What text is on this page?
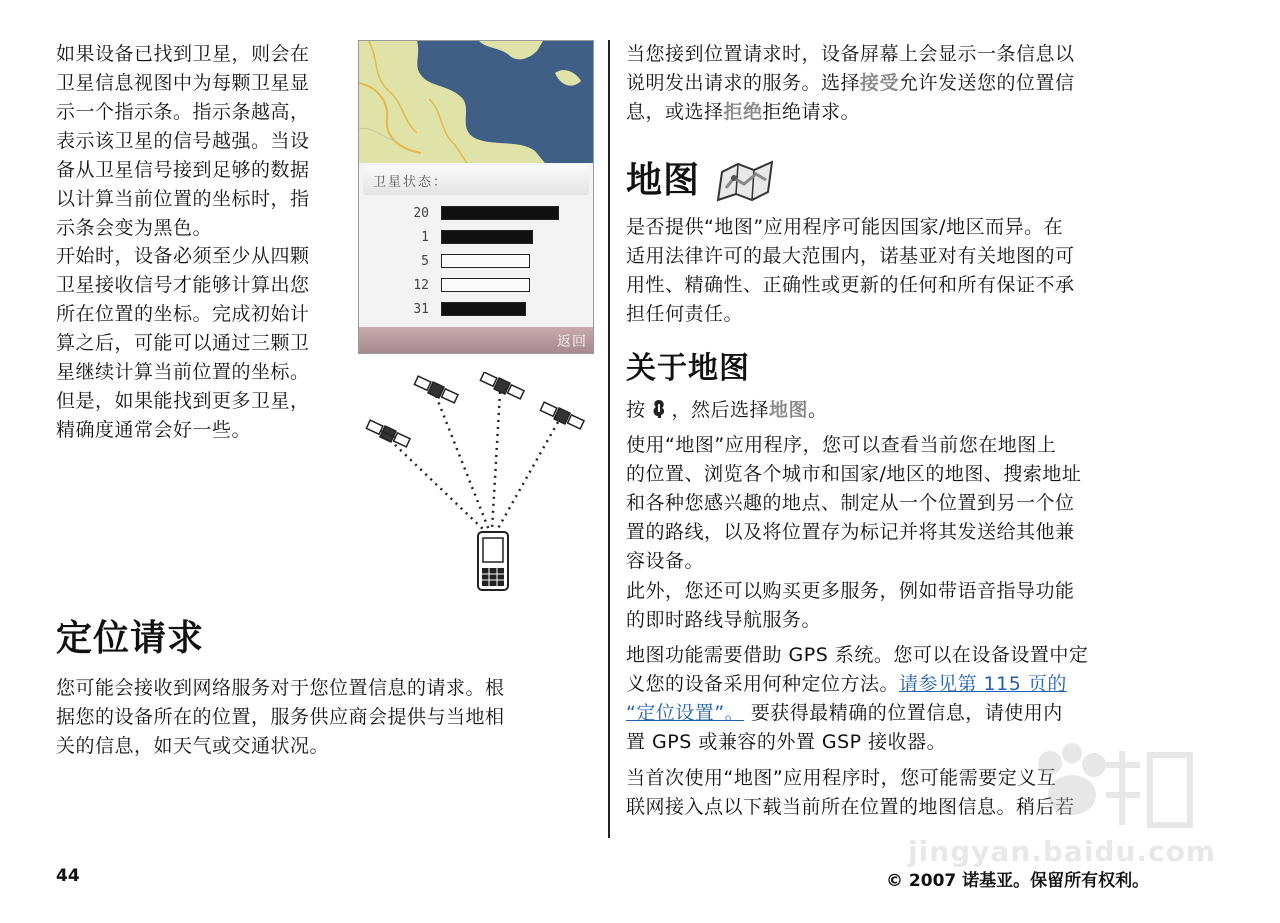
如果设备已找到卫星，则会在
卫星信息视图中为每颗卫星显
示一个指示条。指示条越高，
表示该卫星的信号越强。当设
备从卫星信号接到足够的数据
以计算当前位置的坐标时，指
示条会变为黑色。

开始时，设备必须至少从四颗
卫星接收信号才能够计算出您
所在位置的坐标。完成初始计
算之后，可能可以通过三颗卫
星继续计算当前位置的坐标。
但是，如果能找到更多卫星，
精确度通常会好一些。

卫星状态：
20
1
5
12
31
返回
定位请求

您可能会接收到网络服务对于您位置信息的请求。根
据您的设备所在的位置，服务供应商会提供与当地相
关的信息，如天气或交通状况。

当您接到位置请求时，设备屏幕上会显示一条信息以
说明发出请求的服务。选择接受允许发送您的位置信
息，或选择拒绝拒绝请求。

地图

是否提供“地图”应用程序可能因国家/地区而异。在
适用法律许可的最大范围内，诺基亚对有关地图的可
用性、精确性、正确性或更新的任何和所有保证不承
担任何责任。

关于地图

按 ，然后选择地图。

使用“地图”应用程序，您可以查看当前您在地图上
的位置、浏览各个城市和国家/地区的地图、搜索地址
和各种您感兴趣的地点、制定从一个位置到另一个位
置的路线，以及将位置存为标记并将其发送给其他兼
容设备。

此外，您还可以购买更多服务，例如带语音指导功能
的即时路线导航服务。

地图功能需要借助 GPS 系统。您可以在设备设置中定
义您的设备采用何种定位方法。请参见第 115 页的
“定位设置”。 要获得最精确的位置信息，请使用内
置 GPS 或兼容的外置 GSP 接收器。

当首次使用“地图”应用程序时，您可能需要定义互
联网接入点以下载当前所在位置的地图信息。稍后若

44	© 2007 诺基亚。保留所有权利。
jingyan.baidu.com
